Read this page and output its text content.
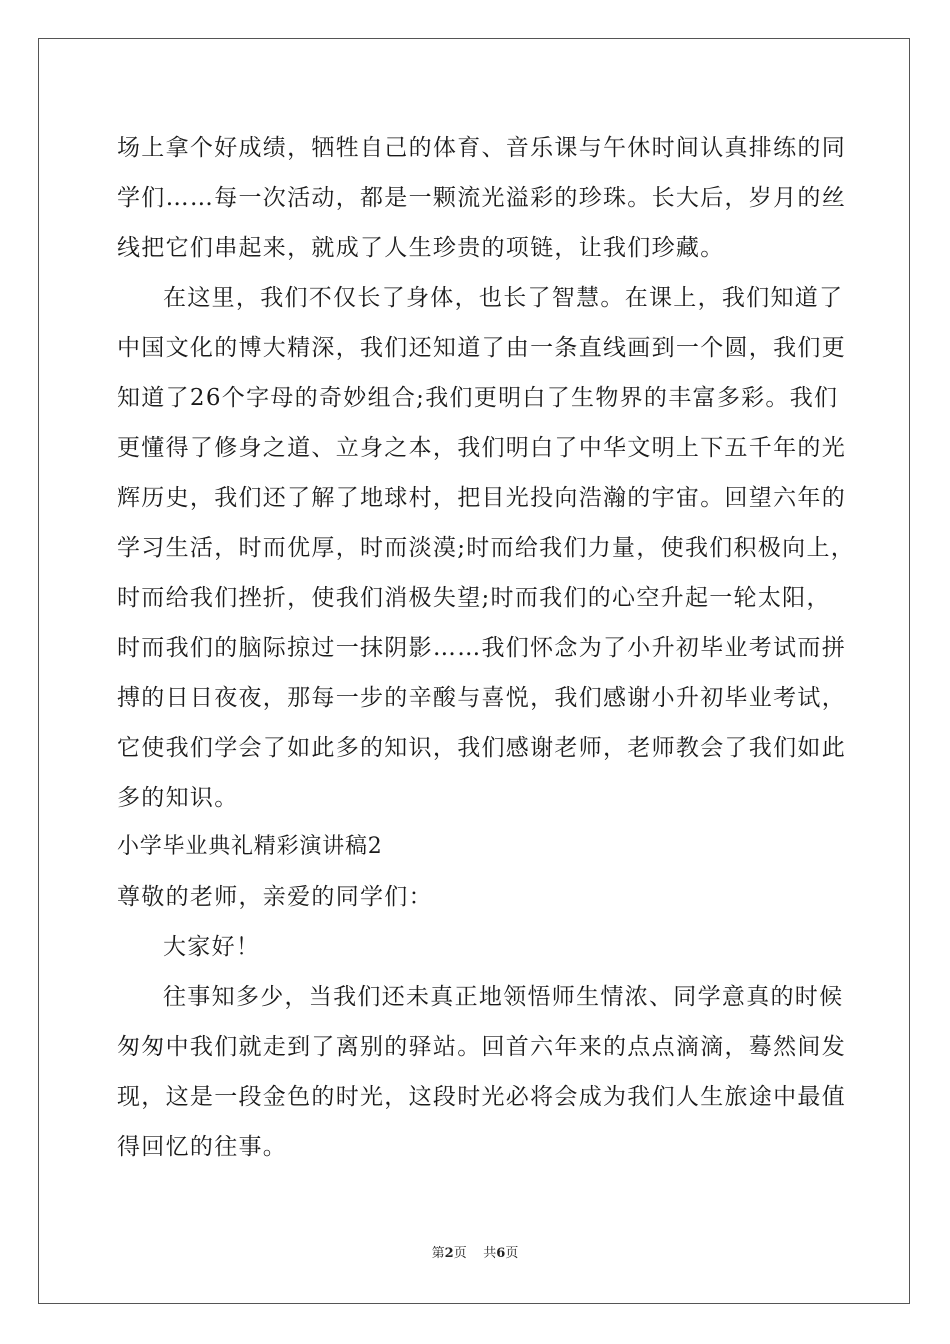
场上拿个好成绩，牺牲自己的体育、音乐课与午休时间认真排练的同
学们……每一次活动，都是一颗流光溢彩的珍珠。长大后，岁月的丝
线把它们串起来，就成了人生珍贵的项链，让我们珍藏。
在这里，我们不仅长了身体，也长了智慧。在课上，我们知道了
中国文化的博大精深，我们还知道了由一条直线画到一个圆，我们更
知道了26个字母的奇妙组合;我们更明白了生物界的丰富多彩。我们
更懂得了修身之道、立身之本，我们明白了中华文明上下五千年的光
辉历史，我们还了解了地球村，把目光投向浩瀚的宇宙。回望六年的
学习生活，时而优厚，时而淡漠;时而给我们力量，使我们积极向上，
时而给我们挫折，使我们消极失望;时而我们的心空升起一轮太阳，
时而我们的脑际掠过一抹阴影……我们怀念为了小升初毕业考试而拼
搏的日日夜夜，那每一步的辛酸与喜悦，我们感谢小升初毕业考试，
它使我们学会了如此多的知识，我们感谢老师，老师教会了我们如此
多的知识。
小学毕业典礼精彩演讲稿2
尊敬的老师，亲爱的同学们：
大家好！
往事知多少，当我们还未真正地领悟师生情浓、同学意真的时候
匆匆中我们就走到了离别的驿站。回首六年来的点点滴滴，蓦然间发
现，这是一段金色的时光，这段时光必将会成为我们人生旅途中最值
得回忆的往事。
第2页 共6页
